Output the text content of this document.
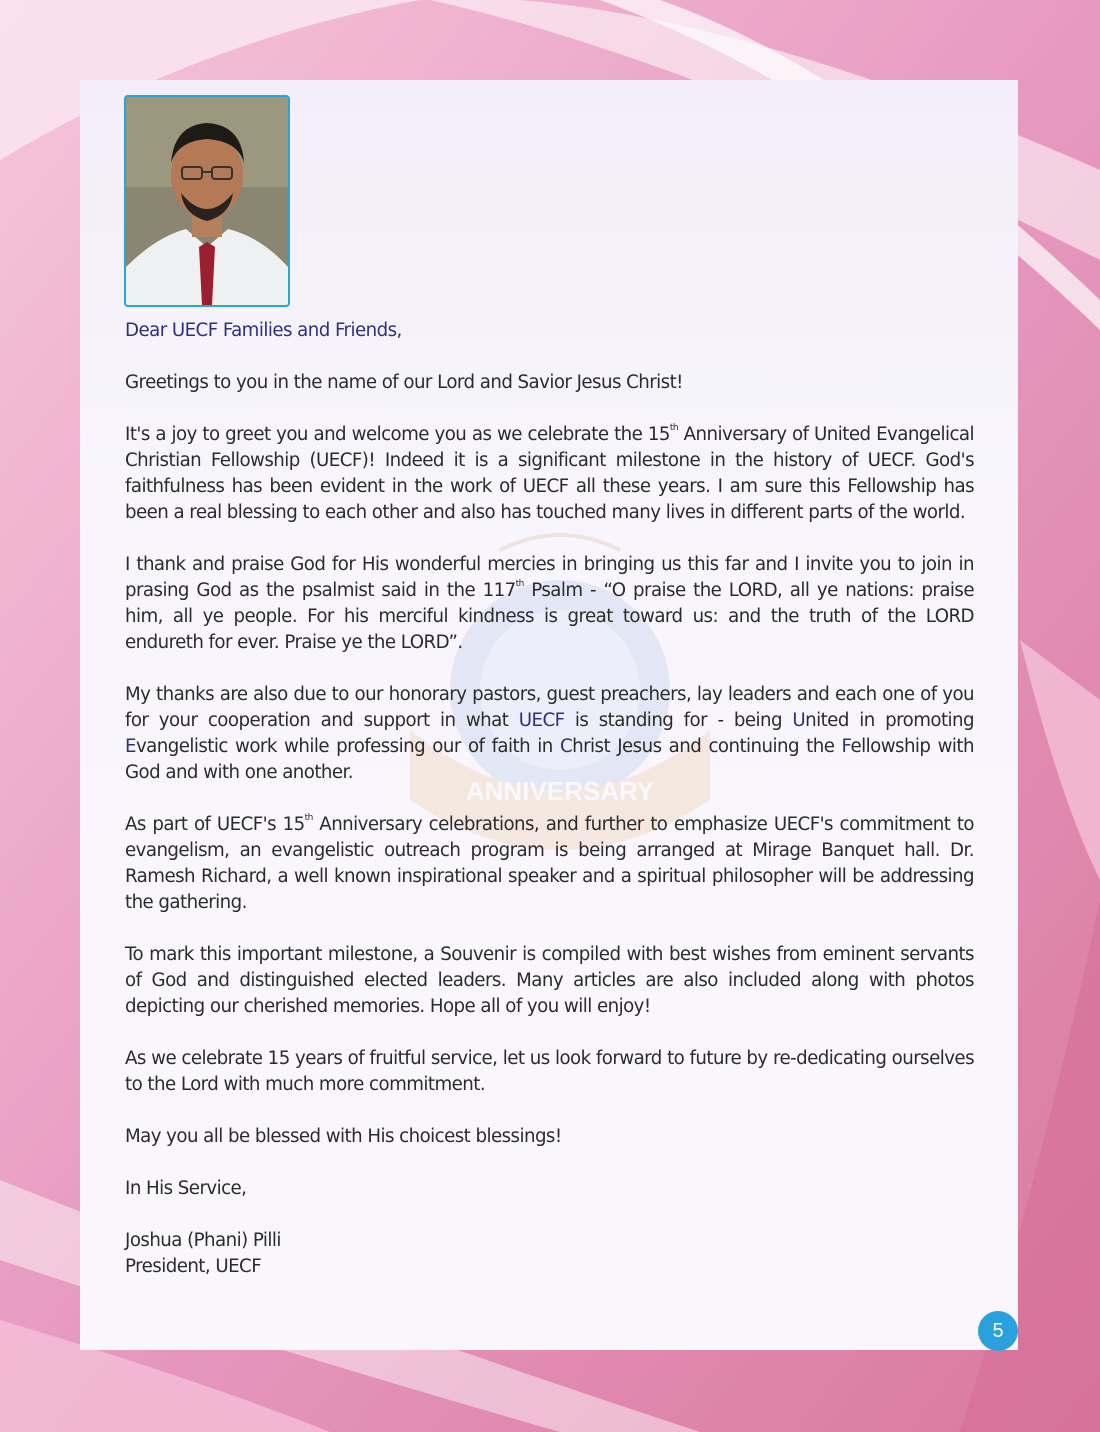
ANNIVERSARY

Dear UECF Families and Friends,

Greetings to you in the name of our Lord and Savior Jesus Christ!

It's a joy to greet you and welcome you as we celebrate the 15th Anniversary of United Evangelical Christian Fellowship (UECF)! Indeed it is a significant milestone in the history of UECF. God's faithfulness has been evident in the work of UECF all these years. I am sure this Fellowship has been a real blessing to each other and also has touched many lives in different parts of the world.

I thank and praise God for His wonderful mercies in bringing us this far and I invite you to join in prasing God as the psalmist said in the 117th Psalm - “O praise the LORD, all ye nations: praise him, all ye people. For his merciful kindness is great toward us: and the truth of the LORD endureth for ever. Praise ye the LORD”.

My thanks are also due to our honorary pastors, guest preachers, lay leaders and each one of you for your cooperation and support in what UECF is standing for - being United in promoting Evangelistic work while professing our of faith in Christ Jesus and continuing the Fellowship with God and with one another.

As part of UECF's 15th Anniversary celebrations, and further to emphasize UECF's commitment to evangelism, an evangelistic outreach program is being arranged at Mirage Banquet hall. Dr. Ramesh Richard, a well known inspirational speaker and a spiritual philosopher will be addressing the gathering.

To mark this important milestone, a Souvenir is compiled with best wishes from eminent servants of God and distinguished elected leaders. Many articles are also included along with photos depicting our cherished memories. Hope all of you will enjoy!

As we celebrate 15 years of fruitful service, let us look forward to future by re-dedicating ourselves to the Lord with much more commitment.

May you all be blessed with His choicest blessings!

In His Service,

Joshua (Phani) Pilli
President, UECF

5
